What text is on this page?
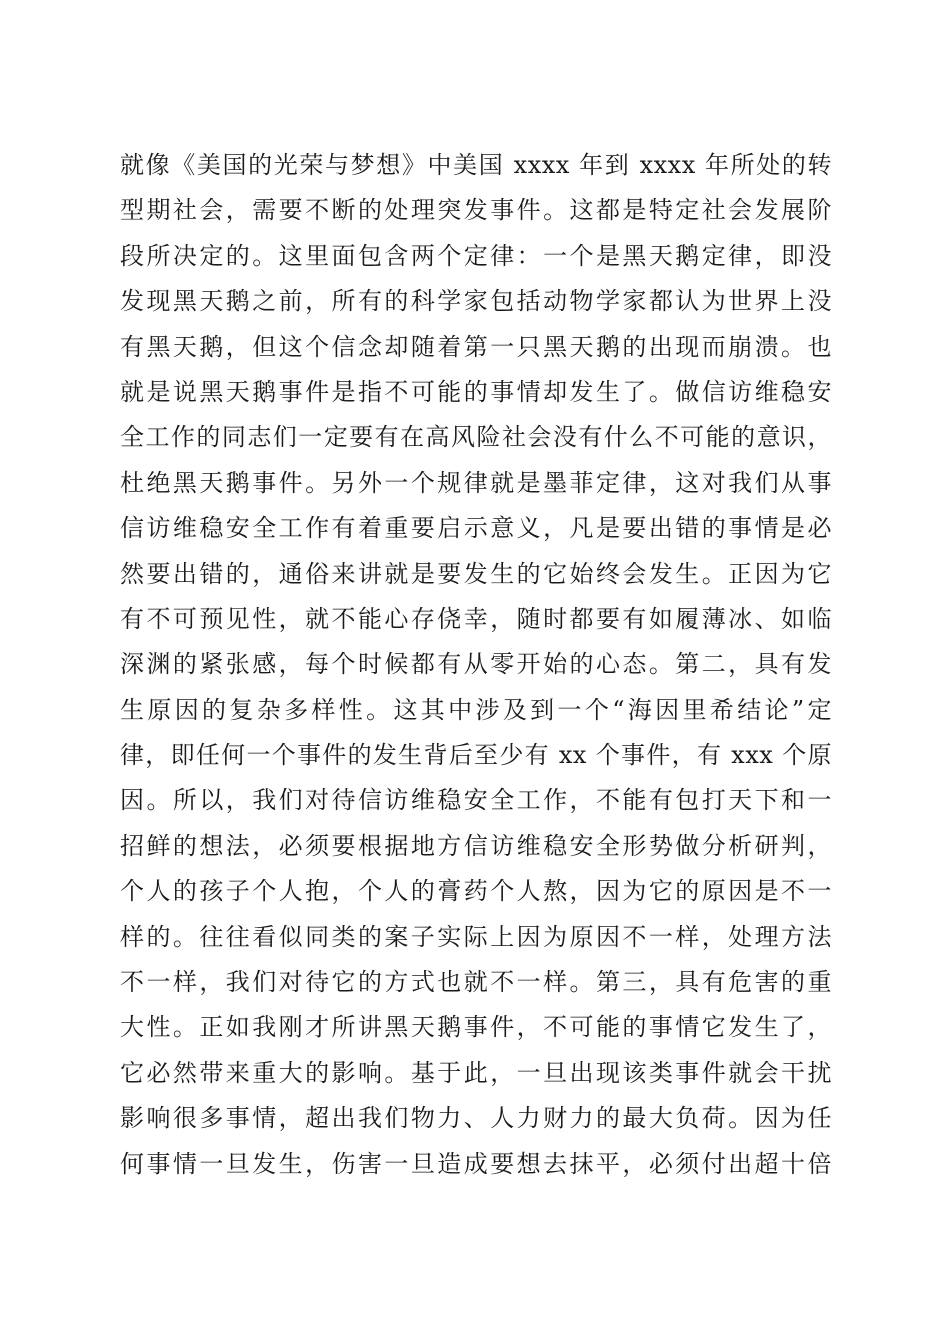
就像《美国的光荣与梦想》中美国 xxxx 年到 xxxx 年所处的转
型期社会，需要不断的处理突发事件。这都是特定社会发展阶
段所决定的。这里面包含两个定律：一个是黑天鹅定律，即没
发现黑天鹅之前，所有的科学家包括动物学家都认为世界上没
有黑天鹅，但这个信念却随着第一只黑天鹅的出现而崩溃。也
就是说黑天鹅事件是指不可能的事情却发生了。做信访维稳安
全工作的同志们一定要有在高风险社会没有什么不可能的意识，
杜绝黑天鹅事件。另外一个规律就是墨菲定律，这对我们从事
信访维稳安全工作有着重要启示意义，凡是要出错的事情是必
然要出错的，通俗来讲就是要发生的它始终会发生。正因为它
有不可预见性，就不能心存侥幸，随时都要有如履薄冰、如临
深渊的紧张感，每个时候都有从零开始的心态。第二，具有发
生原因的复杂多样性。这其中涉及到一个“海因里希结论”定
律，即任何一个事件的发生背后至少有 xx 个事件，有 xxx 个原
因。所以，我们对待信访维稳安全工作，不能有包打天下和一
招鲜的想法，必须要根据地方信访维稳安全形势做分析研判，
个人的孩子个人抱，个人的膏药个人熬，因为它的原因是不一
样的。往往看似同类的案子实际上因为原因不一样，处理方法
不一样，我们对待它的方式也就不一样。第三，具有危害的重
大性。正如我刚才所讲黑天鹅事件，不可能的事情它发生了，
它必然带来重大的影响。基于此，一旦出现该类事件就会干扰
影响很多事情，超出我们物力、人力财力的最大负荷。因为任
何事情一旦发生，伤害一旦造成要想去抹平，必须付出超十倍
